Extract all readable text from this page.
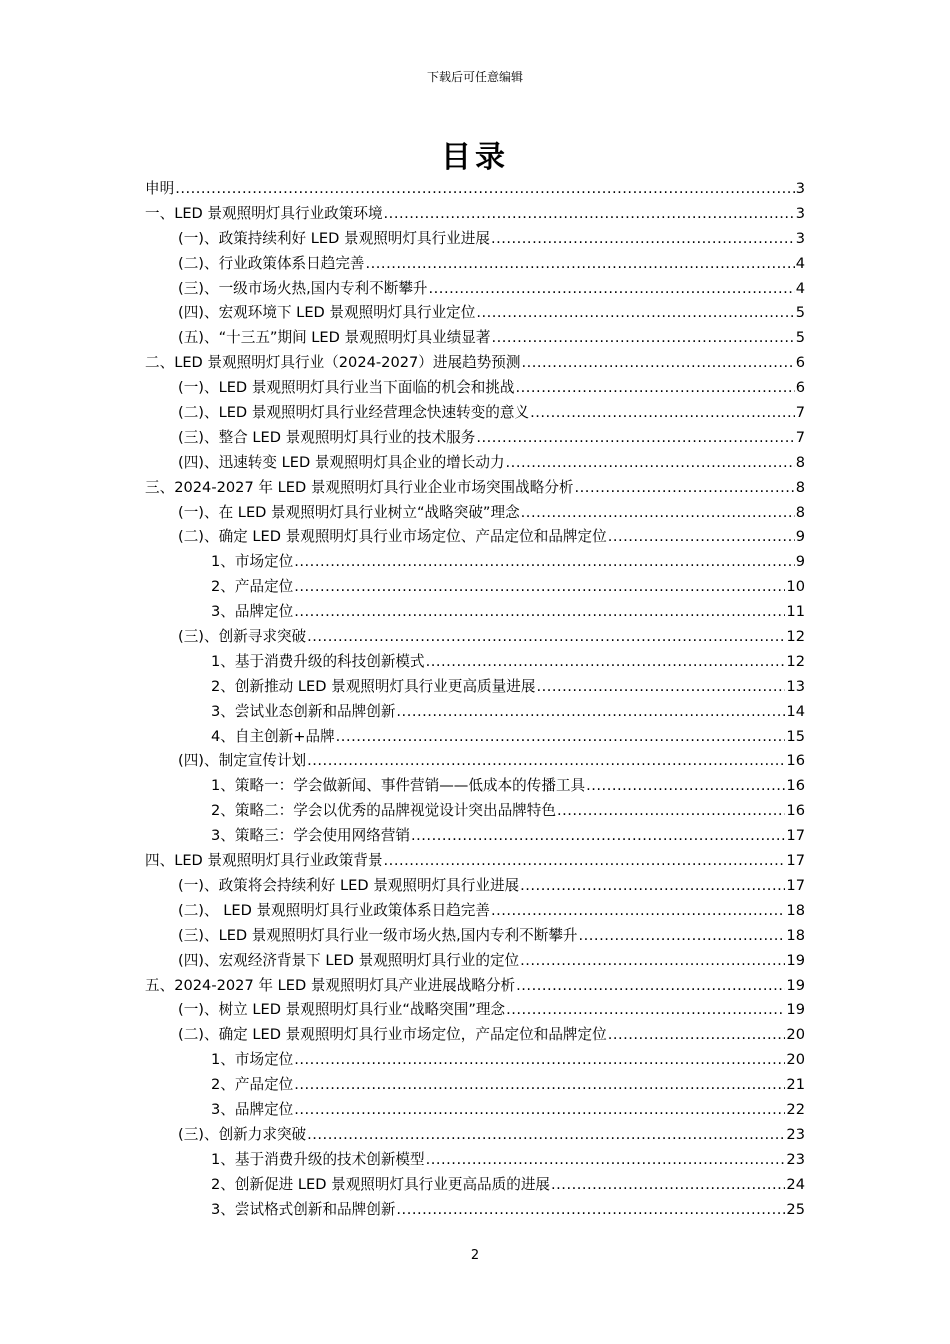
下载后可任意编辑
目录
申明 .....	3
一、LED 景观照明灯具行业政策环境 .....	3
(一)、政策持续利好 LED 景观照明灯具行业进展 .....	3
(二)、行业政策体系日趋完善 .....	4
(三)、一级市场火热,国内专利不断攀升 .....	4
(四)、宏观环境下 LED 景观照明灯具行业定位 .....	5
(五)、“十三五”期间 LED 景观照明灯具业绩显著 .....	5
二、LED 景观照明灯具行业（2024-2027）进展趋势预测 .....	6
(一)、LED 景观照明灯具行业当下面临的机会和挑战 .....	6
(二)、LED 景观照明灯具行业经营理念快速转变的意义 .....	7
(三)、整合 LED 景观照明灯具行业的技术服务 .....	7
(四)、迅速转变 LED 景观照明灯具企业的增长动力 .....	8
三、2024-2027 年 LED 景观照明灯具行业企业市场突围战略分析 .....	8
(一)、在 LED 景观照明灯具行业树立“战略突破”理念 .....	8
(二)、确定 LED 景观照明灯具行业市场定位、产品定位和品牌定位 .....	9
1、市场定位 .....	9
2、产品定位 .....	10
3、品牌定位 .....	11
(三)、创新寻求突破 .....	12
1、基于消费升级的科技创新模式 .....	12
2、创新推动 LED 景观照明灯具行业更高质量进展 .....	13
3、尝试业态创新和品牌创新 .....	14
4、自主创新+品牌 .....	15
(四)、制定宣传计划 .....	16
1、策略一：学会做新闻、事件营销——低成本的传播工具 .....	16
2、策略二：学会以优秀的品牌视觉设计突出品牌特色 .....	16
3、策略三：学会使用网络营销 .....	17
四、LED 景观照明灯具行业政策背景 .....	17
(一)、政策将会持续利好 LED 景观照明灯具行业进展 .....	17
(二)、 LED 景观照明灯具行业政策体系日趋完善 .....	18
(三)、LED 景观照明灯具行业一级市场火热,国内专利不断攀升 .....	18
(四)、宏观经济背景下 LED 景观照明灯具行业的定位 .....	19
五、2024-2027 年 LED 景观照明灯具产业进展战略分析 .....	19
(一)、树立 LED 景观照明灯具行业“战略突围”理念 .....	19
(二)、确定 LED 景观照明灯具行业市场定位，产品定位和品牌定位 .....	20
1、市场定位 .....	20
2、产品定位 .....	21
3、品牌定位 .....	22
(三)、创新力求突破 .....	23
1、基于消费升级的技术创新模型 .....	23
2、创新促进 LED 景观照明灯具行业更高品质的进展 .....	24
3、尝试格式创新和品牌创新 .....	25
2
